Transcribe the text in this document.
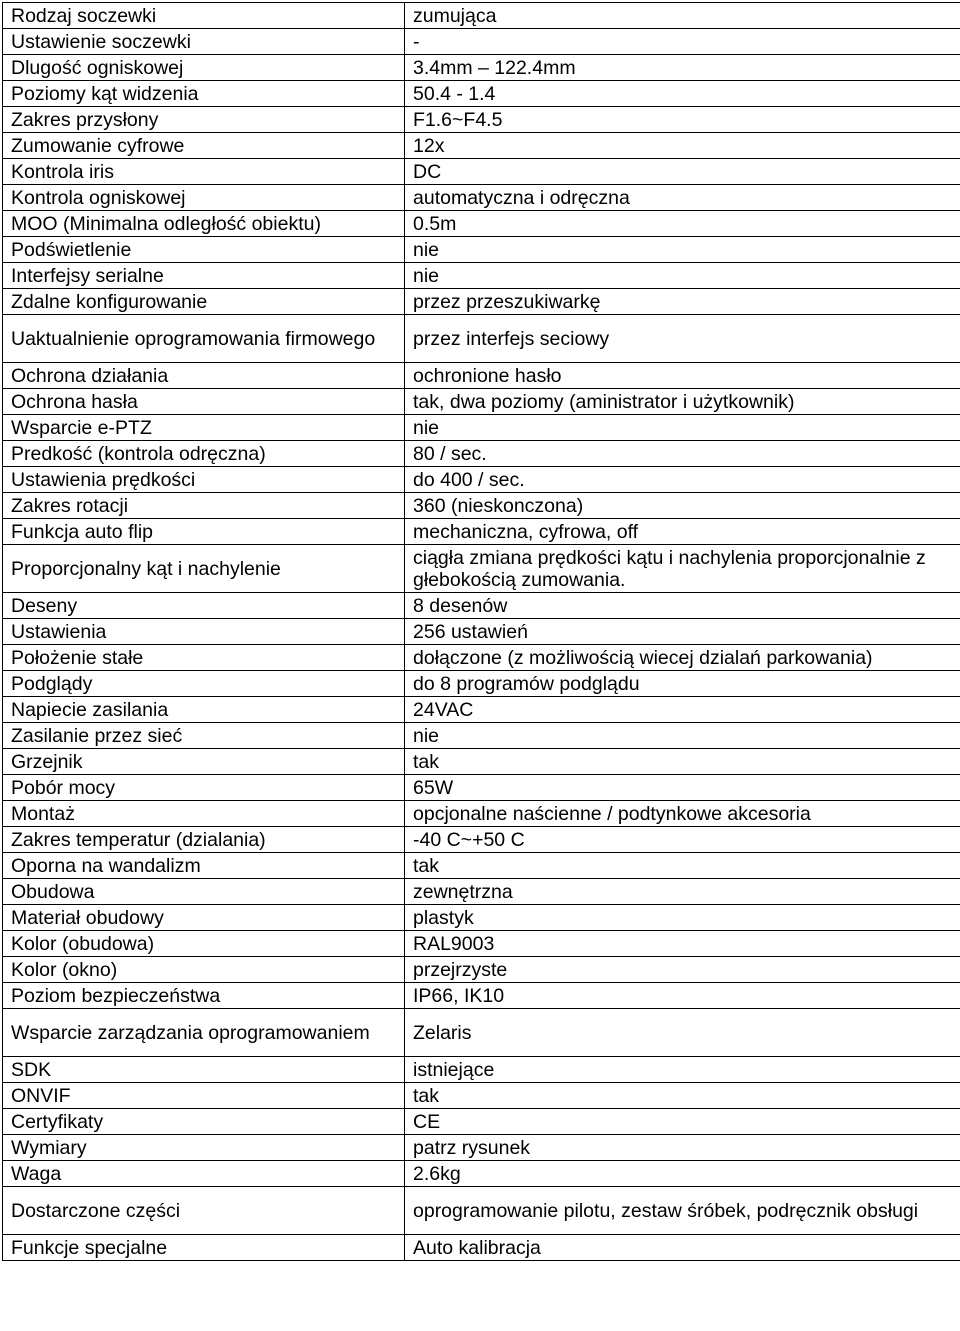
Rodzaj soczewki	zumująca
Ustawienie soczewki	-
Dlugość ogniskowej	3.4mm – 122.4mm
Poziomy kąt widzenia	50.4 - 1.4
Zakres przysłony	F1.6~F4.5
Zumowanie cyfrowe	12x
Kontrola iris	DC
Kontrola ogniskowej	automatyczna i odręczna
MOO (Minimalna odległość obiektu)	0.5m
Podświetlenie	nie
Interfejsy serialne	nie
Zdalne konfigurowanie	przez przeszukiwarkę
Uaktualnienie oprogramowania firmowego	przez interfejs seciowy
Ochrona działania	ochronione hasło
Ochrona hasła	tak, dwa poziomy (aministrator i użytkownik)
Wsparcie e-PTZ	nie
Predkość (kontrola odręczna)	80 / sec.
Ustawienia prędkości	do 400 / sec.
Zakres rotacji	360 (nieskonczona)
Funkcja auto flip	mechaniczna, cyfrowa, off
Proporcjonalny kąt i nachylenie	ciągła zmiana prędkości kątu i nachylenia proporcjonalnie z głebokością zumowania.
Deseny	8 desenów
Ustawienia	256 ustawień
Położenie stałe	dołączone (z możliwością wiecej dzialań parkowania)
Podglądy	do 8 programów podglądu
Napiecie zasilania	24VAC
Zasilanie przez sieć	nie
Grzejnik	tak
Pobór mocy	65W
Montaż	opcjonalne naścienne / podtynkowe akcesoria
Zakres temperatur (dzialania)	-40 C~+50 C
Oporna na wandalizm	tak
Obudowa	zewnętrzna
Materiał obudowy	plastyk
Kolor (obudowa)	RAL9003
Kolor (okno)	przejrzyste
Poziom bezpieczeństwa	IP66, IK10
Wsparcie zarządzania oprogramowaniem	Zelaris
SDK	istniejące
ONVIF	tak
Certyfikaty	CE
Wymiary	patrz rysunek
Waga	2.6kg
Dostarczone części	oprogramowanie pilotu, zestaw śróbek, podręcznik obsługi
Funkcje specjalne	Auto kalibracja
